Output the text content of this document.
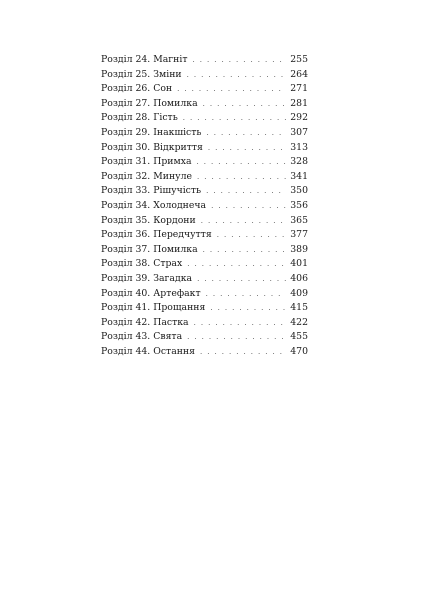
Розділ 24. Магніт . . .	255
Розділ 25. Зміни . . .	264
Розділ 26. Сон . . .	271
Розділ 27. Помилка . . .	281
Розділ 28. Гість . . .	292
Розділ 29. Інакшість . . .	307
Розділ 30. Відкриття . . .	313
Розділ 31. Примха . . .	328
Розділ 32. Минуле . . .	341
Розділ 33. Рішучість . . .	350
Розділ 34. Холоднеча . . .	356
Розділ 35. Кордони . . .	365
Розділ 36. Передчуття . . .	377
Розділ 37. Помилка . . .	389
Розділ 38. Страх . . .	401
Розділ 39. Загадка . . .	406
Розділ 40. Артефакт . . .	409
Розділ 41. Прощання . . .	415
Розділ 42. Пастка . . .	422
Розділ 43. Свята . . .	455
Розділ 44. Остання . . .	470
